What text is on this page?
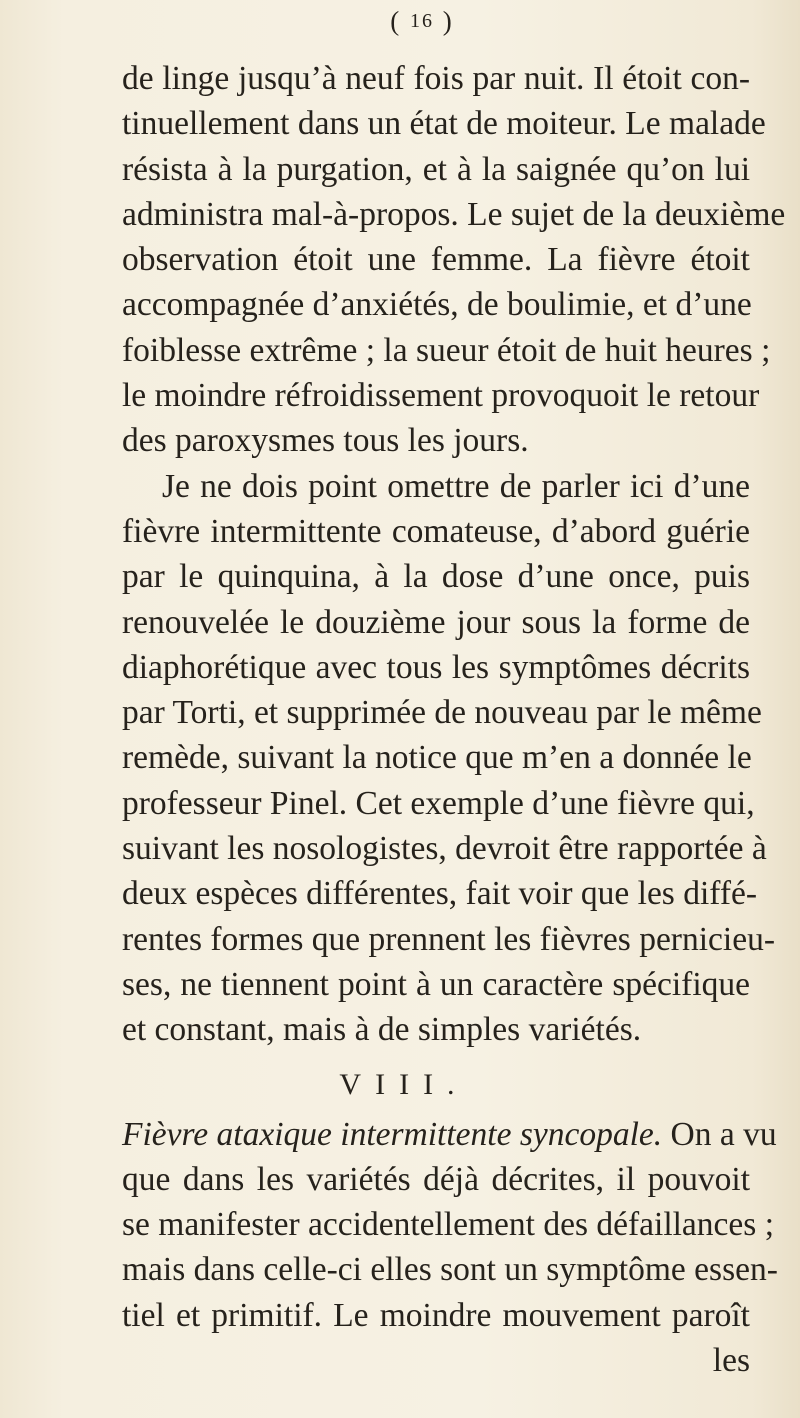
( 16 )
de linge jusqu’à neuf fois par nuit. Il étoit con-
tinuellement dans un état de moiteur. Le malade
résista à la purgation, et à la saignée qu’on lui
administra mal-à-propos. Le sujet de la deuxième
observation étoit une femme. La fièvre étoit
accompagnée d’anxiétés, de boulimie, et d’une
foiblesse extrême ; la sueur étoit de huit heures ;
le moindre réfroidissement provoquoit le retour
des paroxysmes tous les jours.
Je ne dois point omettre de parler ici d’une
fièvre intermittente comateuse, d’abord guérie
par le quinquina, à la dose d’une once, puis
renouvelée le douzième jour sous la forme de
diaphorétique avec tous les symptômes décrits
par Torti, et supprimée de nouveau par le même
remède, suivant la notice que m’en a donnée le
professeur Pinel. Cet exemple d’une fièvre qui,
suivant les nosologistes, devroit être rapportée à
deux espèces différentes, fait voir que les diffé-
rentes formes que prennent les fièvres pernicieu-
ses, ne tiennent point à un caractère spécifique
et constant, mais à de simples variétés.
VIII.
Fièvre ataxique intermittente syncopale. On a vu
que dans les variétés déjà décrites, il pouvoit
se manifester accidentellement des défaillances ;
mais dans celle-ci elles sont un symptôme essen-
tiel et primitif. Le moindre mouvement paroît
les
